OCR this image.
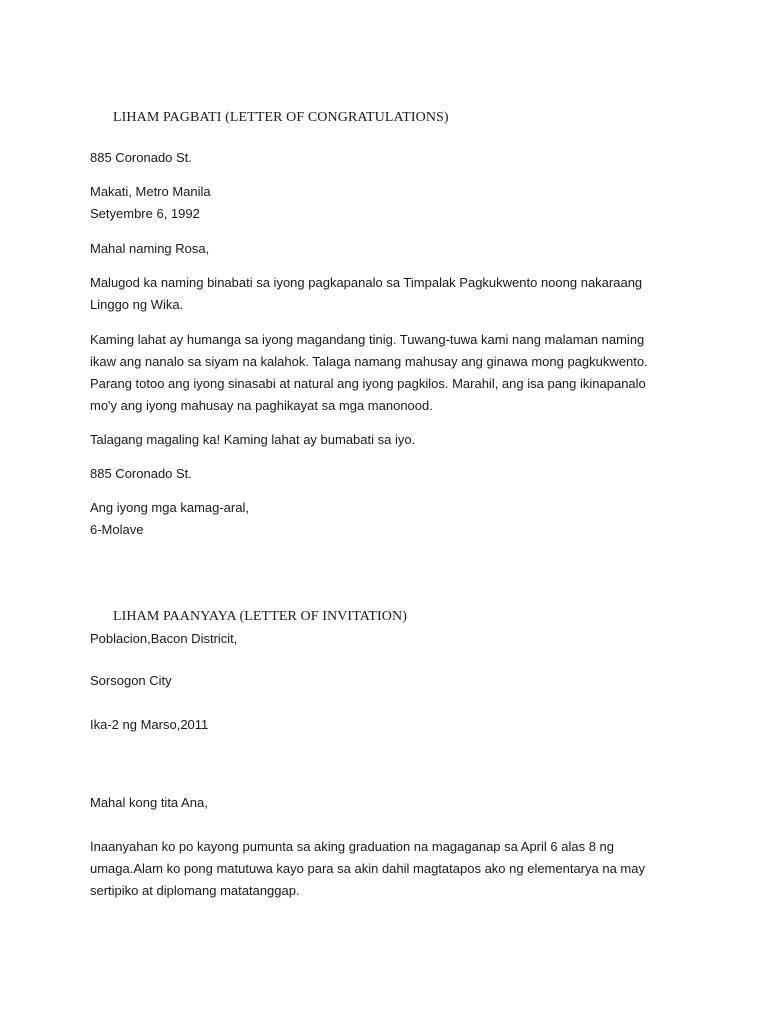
LIHAM PAGBATI (LETTER OF CONGRATULATIONS)
885 Coronado St.
Makati, Metro Manila
Setyembre 6, 1992
Mahal naming Rosa,
Malugod ka naming binabati sa iyong pagkapanalo sa Timpalak Pagkukwento noong nakaraang
Linggo ng Wika.
Kaming lahat ay humanga sa iyong magandang tinig. Tuwang-tuwa kami nang malaman naming
ikaw ang nanalo sa siyam na kalahok. Talaga namang mahusay ang ginawa mong pagkukwento.
Parang totoo ang iyong sinasabi at natural ang iyong pagkilos. Marahil, ang isa pang ikinapanalo
mo'y ang iyong mahusay na paghikayat sa mga manonood.
Talagang magaling ka! Kaming lahat ay bumabati sa iyo.
885 Coronado St.
Ang iyong mga kamag-aral,
6-Molave
LIHAM PAANYAYA (LETTER OF INVITATION)
Poblacion,Bacon Districit,
Sorsogon City
Ika-2 ng Marso,2011
Mahal kong tita Ana,
Inaanyahan ko po kayong pumunta sa aking graduation na magaganap sa April 6 alas 8 ng
umaga.Alam ko pong matutuwa kayo para sa akin dahil magtatapos ako ng elementarya na may
sertipiko at diplomang matatanggap.
